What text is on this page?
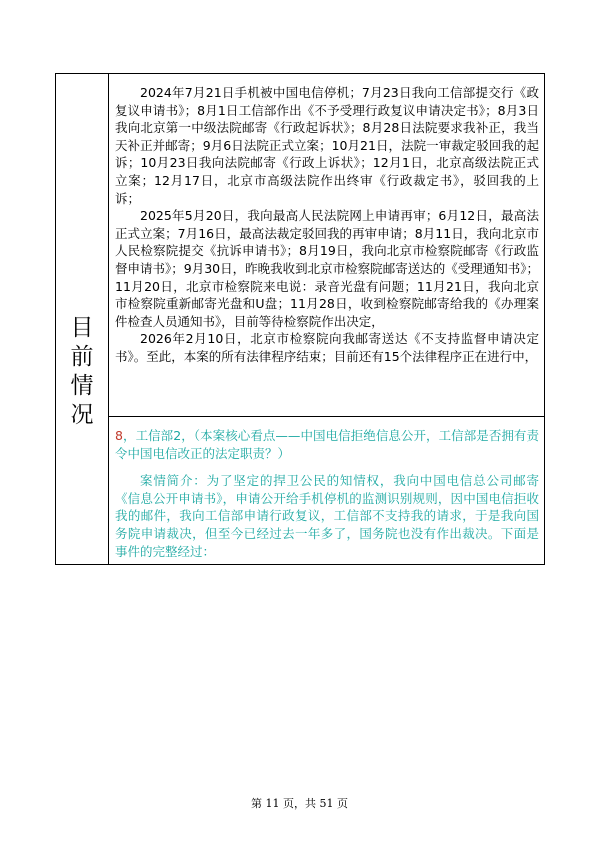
目
前
情
况

2024年7月21日手机被中国电信停机；7月23日我向工信部提交行《政复议申请书》；8月1日工信部作出《不予受理行政复议申请决定书》；8月3日我向北京第一中级法院邮寄《行政起诉状》；8月28日法院要求我补正，我当天补正并邮寄；9月6日法院正式立案；10月21日，法院一审裁定驳回我的起诉；10月23日我向法院邮寄《行政上诉状》；12月1日，北京高级法院正式立案；12月17日，北京市高级法院作出终审《行政裁定书》，驳回我的上诉；

2025年5月20日，我向最高人民法院网上申请再审；6月12日，最高法正式立案；7月16日，最高法裁定驳回我的再审申请；8月11日，我向北京市人民检察院提交《抗诉申请书》；8月19日，我向北京市检察院邮寄《行政监督申请书》；9月30日，昨晚我收到北京市检察院邮寄送达的《受理通知书》；11月20日，北京市检察院来电说：录音光盘有问题；11月21日，我向北京市检察院重新邮寄光盘和U盘；11月28日，收到检察院邮寄给我的《办理案件检查人员通知书》，目前等待检察院作出决定，

2026年2月10日，北京市检察院向我邮寄送达《不支持监督申请决定书》。至此，本案的所有法律程序结束；目前还有15个法律程序正在进行中，

8，工信部2，（本案核心看点——中国电信拒绝信息公开，工信部是否拥有责令中国电信改正的法定职责？）

案情简介：为了坚定的捍卫公民的知情权，我向中国电信总公司邮寄《信息公开申请书》，申请公开给手机停机的监测识别规则，因中国电信拒收我的邮件，我向工信部申请行政复议，工信部不支持我的请求，于是我向国务院申请裁决，但至今已经过去一年多了，国务院也没有作出裁决。下面是事件的完整经过：

第 11 页，共 51 页
